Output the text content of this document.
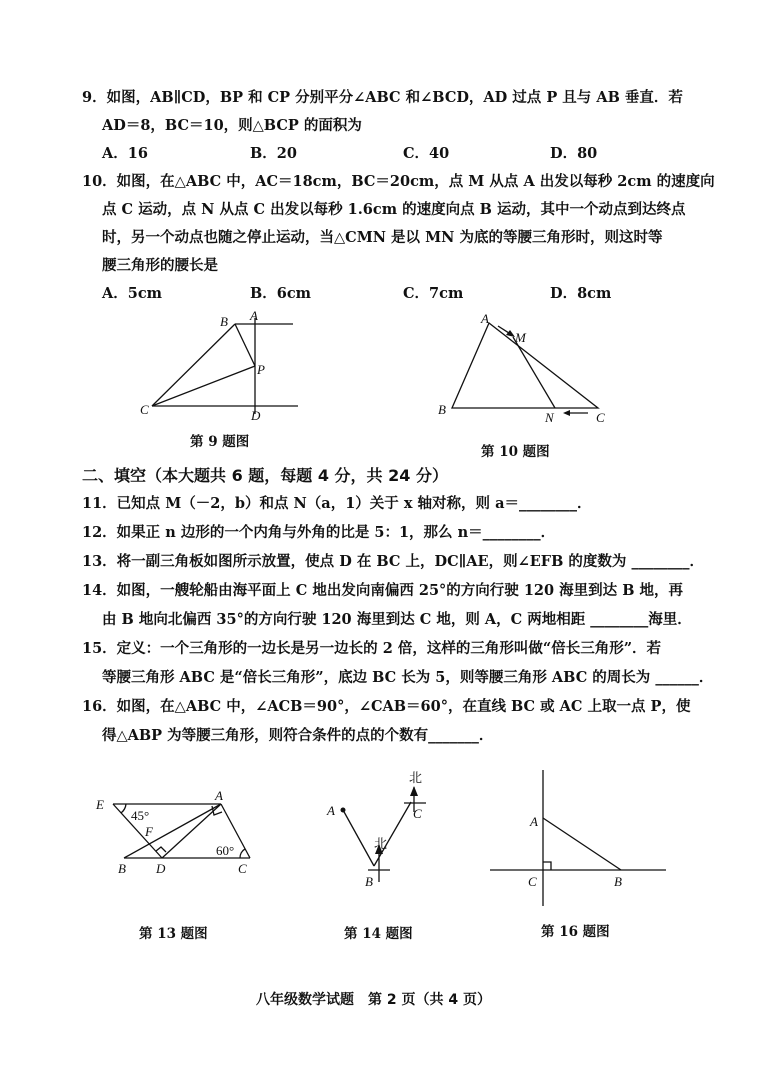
9．如图，AB∥CD，BP 和 CP 分别平分∠ABC 和∠BCD，AD 过点 P 且与 AB 垂直．若
AD＝8，BC＝10，则△BCP 的面积为
A．16	B．20	C．40	D．80
10．如图，在△ABC 中，AC＝18cm，BC＝20cm，点 M 从点 A 出发以每秒 2cm 的速度向
点 C 运动，点 N 从点 C 出发以每秒 1.6cm 的速度向点 B 运动，其中一个动点到达终点
时，另一个动点也随之停止运动，当△CMN 是以 MN 为底的等腰三角形时，则这时等
腰三角形的腰长是
A．5cm	B．6cm	C．7cm	D．8cm
B A
P
C	D
第 9 题图
A
M
B
N	C
第 10 题图
二、填空（本大题共 6 题，每题 4 分，共 24 分）
11．已知点 M（－2，b）和点 N（a，1）关于 x 轴对称，则 a＝________．
12．如果正 n 边形的一个内角与外角的比是 5：1，那么 n＝________．
13．将一副三角板如图所示放置，使点 D 在 BC 上，DC∥AE，则∠EFB 的度数为 ________．
14．如图，一艘轮船由海平面上 C 地出发向南偏西 25°的方向行驶 120 海里到达 B 地，再
由 B 地向北偏西 35°的方向行驶 120 海里到达 C 地，则 A，C 两地相距 ________海里．
15．定义：一个三角形的一边长是另一边长的 2 倍，这样的三角形叫做“倍长三角形”．若
等腰三角形 ABC 是“倍长三角形”，底边 BC 长为 5，则等腰三角形 ABC 的周长为 ______．
16．如图，在△ABC 中，∠ACB＝90°，∠CAB＝60°，在直线 BC 或 AC 上取一点 P，使
得△ABP 为等腰三角形，则符合条件的点的个数有_______．
E
45°
A
F
60°
B D	C
第 13 题图
A
北
C
北
B
第 14 题图
A
C	B
第 16 题图
八年级数学试题　第 2 页（共 4 页）
